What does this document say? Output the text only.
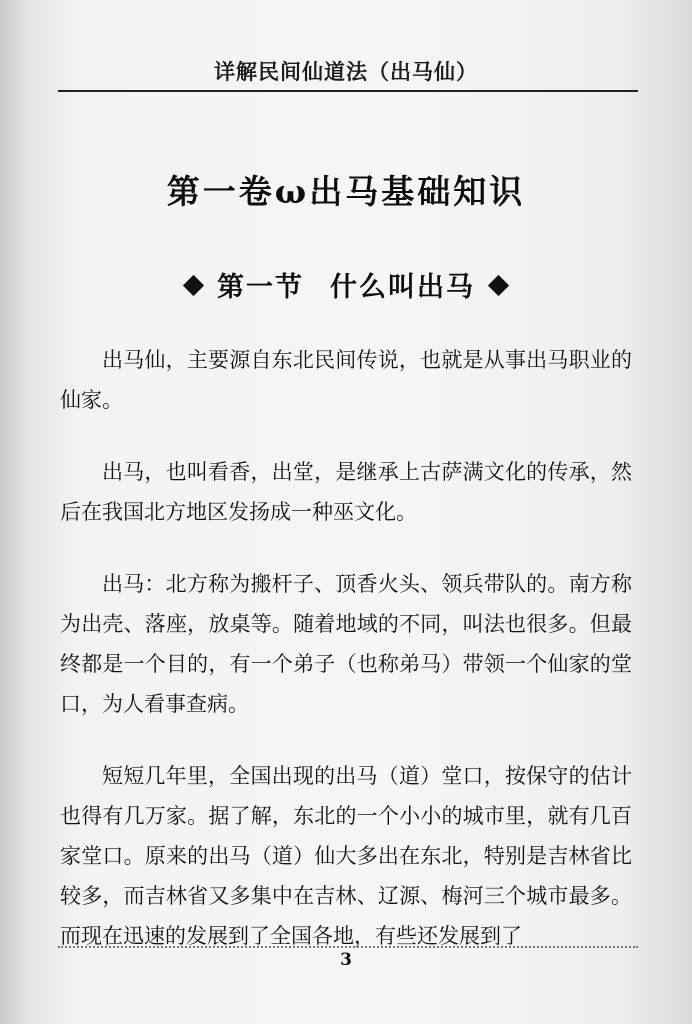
详解民间仙道法（出马仙）
第一卷ω出马基础知识
第一节 什么叫出马

出马仙，主要源自东北民间传说，也就是从事出马职业的仙家。

出马，也叫看香，出堂，是继承上古萨满文化的传承，然后在我国北方地区发扬成一种巫文化。

出马：北方称为搬杆子、顶香火头、领兵带队的。南方称为出壳、落座，放桌等。随着地域的不同，叫法也很多。但最终都是一个目的，有一个弟子（也称弟马）带领一个仙家的堂口，为人看事查病。

短短几年里，全国出现的出马（道）堂口，按保守的估计也得有几万家。据了解，东北的一个小小的城市里，就有几百家堂口。原来的出马（道）仙大多出在东北，特别是吉林省比较多，而吉林省又多集中在吉林、辽源、梅河三个城市最多。而现在迅速的发展到了全国各地，有些还发展到了

3
